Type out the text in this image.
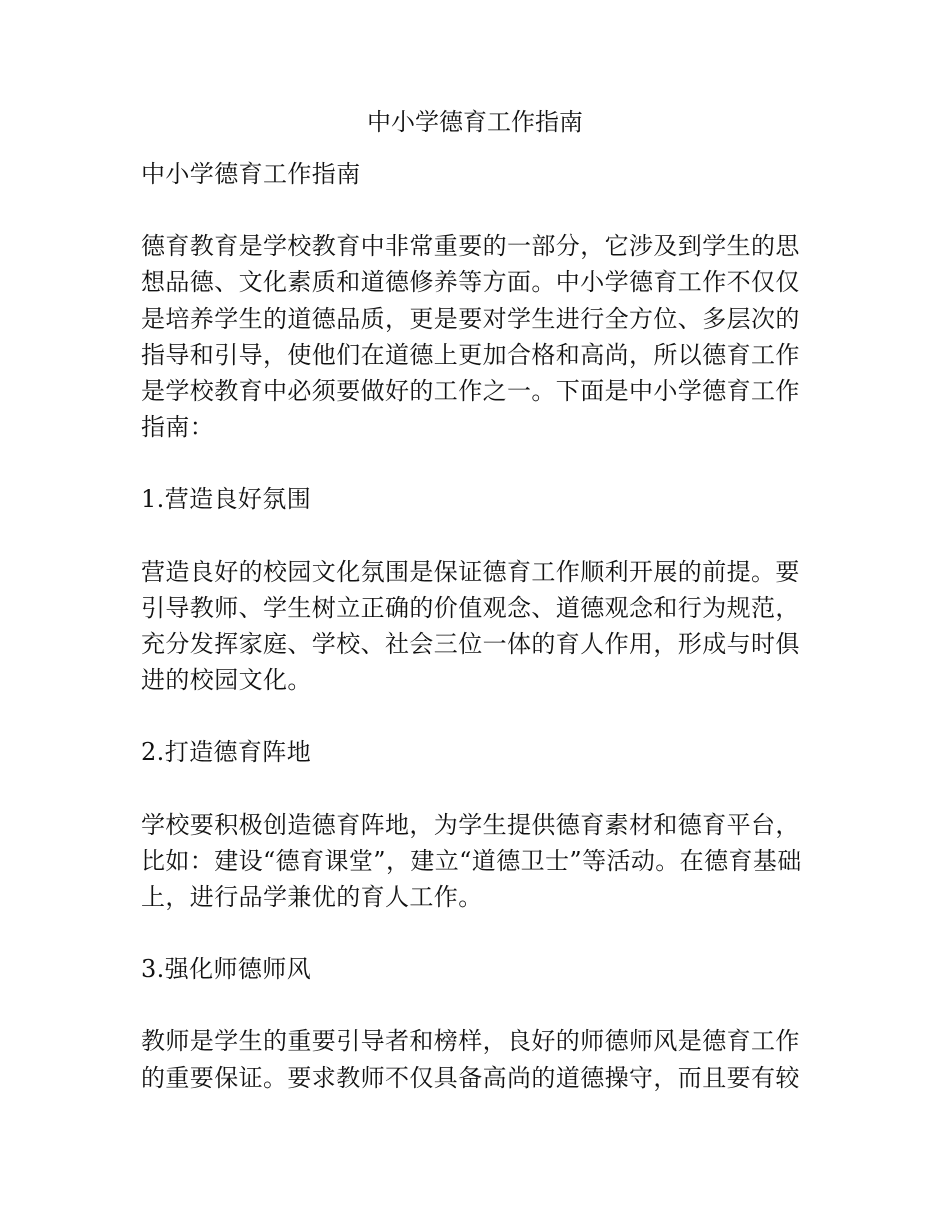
中小学德育工作指南

中小学德育工作指南

德育教育是学校教育中非常重要的一部分，它涉及到学生的思想品德、文化素质和道德修养等方面。中小学德育工作不仅仅是培养学生的道德品质，更是要对学生进行全方位、多层次的指导和引导，使他们在道德上更加合格和高尚，所以德育工作是学校教育中必须要做好的工作之一。下面是中小学德育工作指南：

1.营造良好氛围

营造良好的校园文化氛围是保证德育工作顺利开展的前提。要引导教师、学生树立正确的价值观念、道德观念和行为规范，充分发挥家庭、学校、社会三位一体的育人作用，形成与时俱进的校园文化。

2.打造德育阵地

学校要积极创造德育阵地，为学生提供德育素材和德育平台，比如：建设“德育课堂”，建立“道德卫士”等活动。在德育基础上，进行品学兼优的育人工作。

3.强化师德师风

教师是学生的重要引导者和榜样，良好的师德师风是德育工作的重要保证。要求教师不仅具备高尚的道德操守，而且要有较
